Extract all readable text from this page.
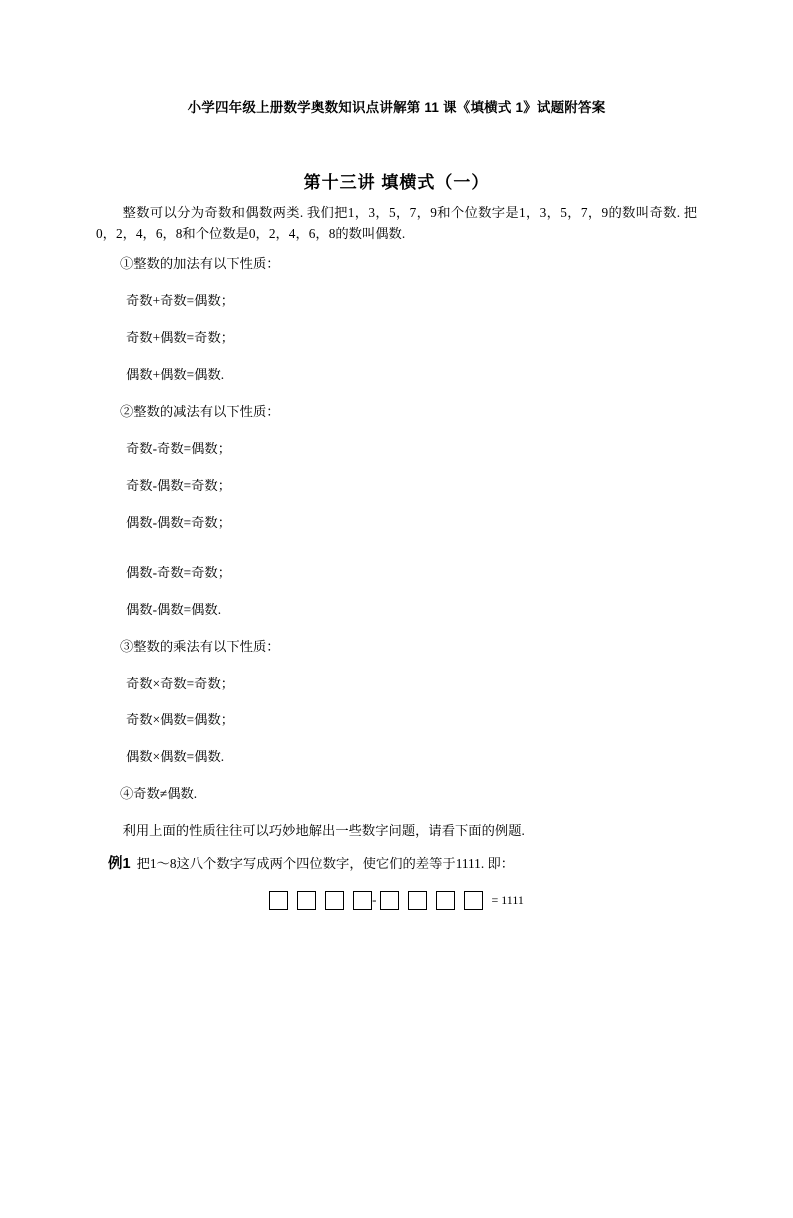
小学四年级上册数学奥数知识点讲解第 11 课《填横式 1》试题附答案
第十三讲 填横式（一）

整数可以分为奇数和偶数两类. 我们把1，3，5，7，9和个位数字是1，3，5，7，9的数叫奇数. 把0，2，4，6，8和个位数是0，2，4，6，8的数叫偶数.

①整数的加法有以下性质：

奇数+奇数=偶数；

奇数+偶数=奇数；

偶数+偶数=偶数.

②整数的减法有以下性质：

奇数-奇数=偶数；

奇数-偶数=奇数；

偶数-偶数=奇数；

偶数-奇数=奇数；

偶数-偶数=偶数.

③整数的乘法有以下性质：

奇数×奇数=奇数；

奇数×偶数=偶数；

偶数×偶数=偶数.

④奇数≠偶数.

利用上面的性质往往可以巧妙地解出一些数字问题，请看下面的例题.

例1 把1～8这八个数字写成两个四位数字，使它们的差等于1111. 即：

-	= 1111
